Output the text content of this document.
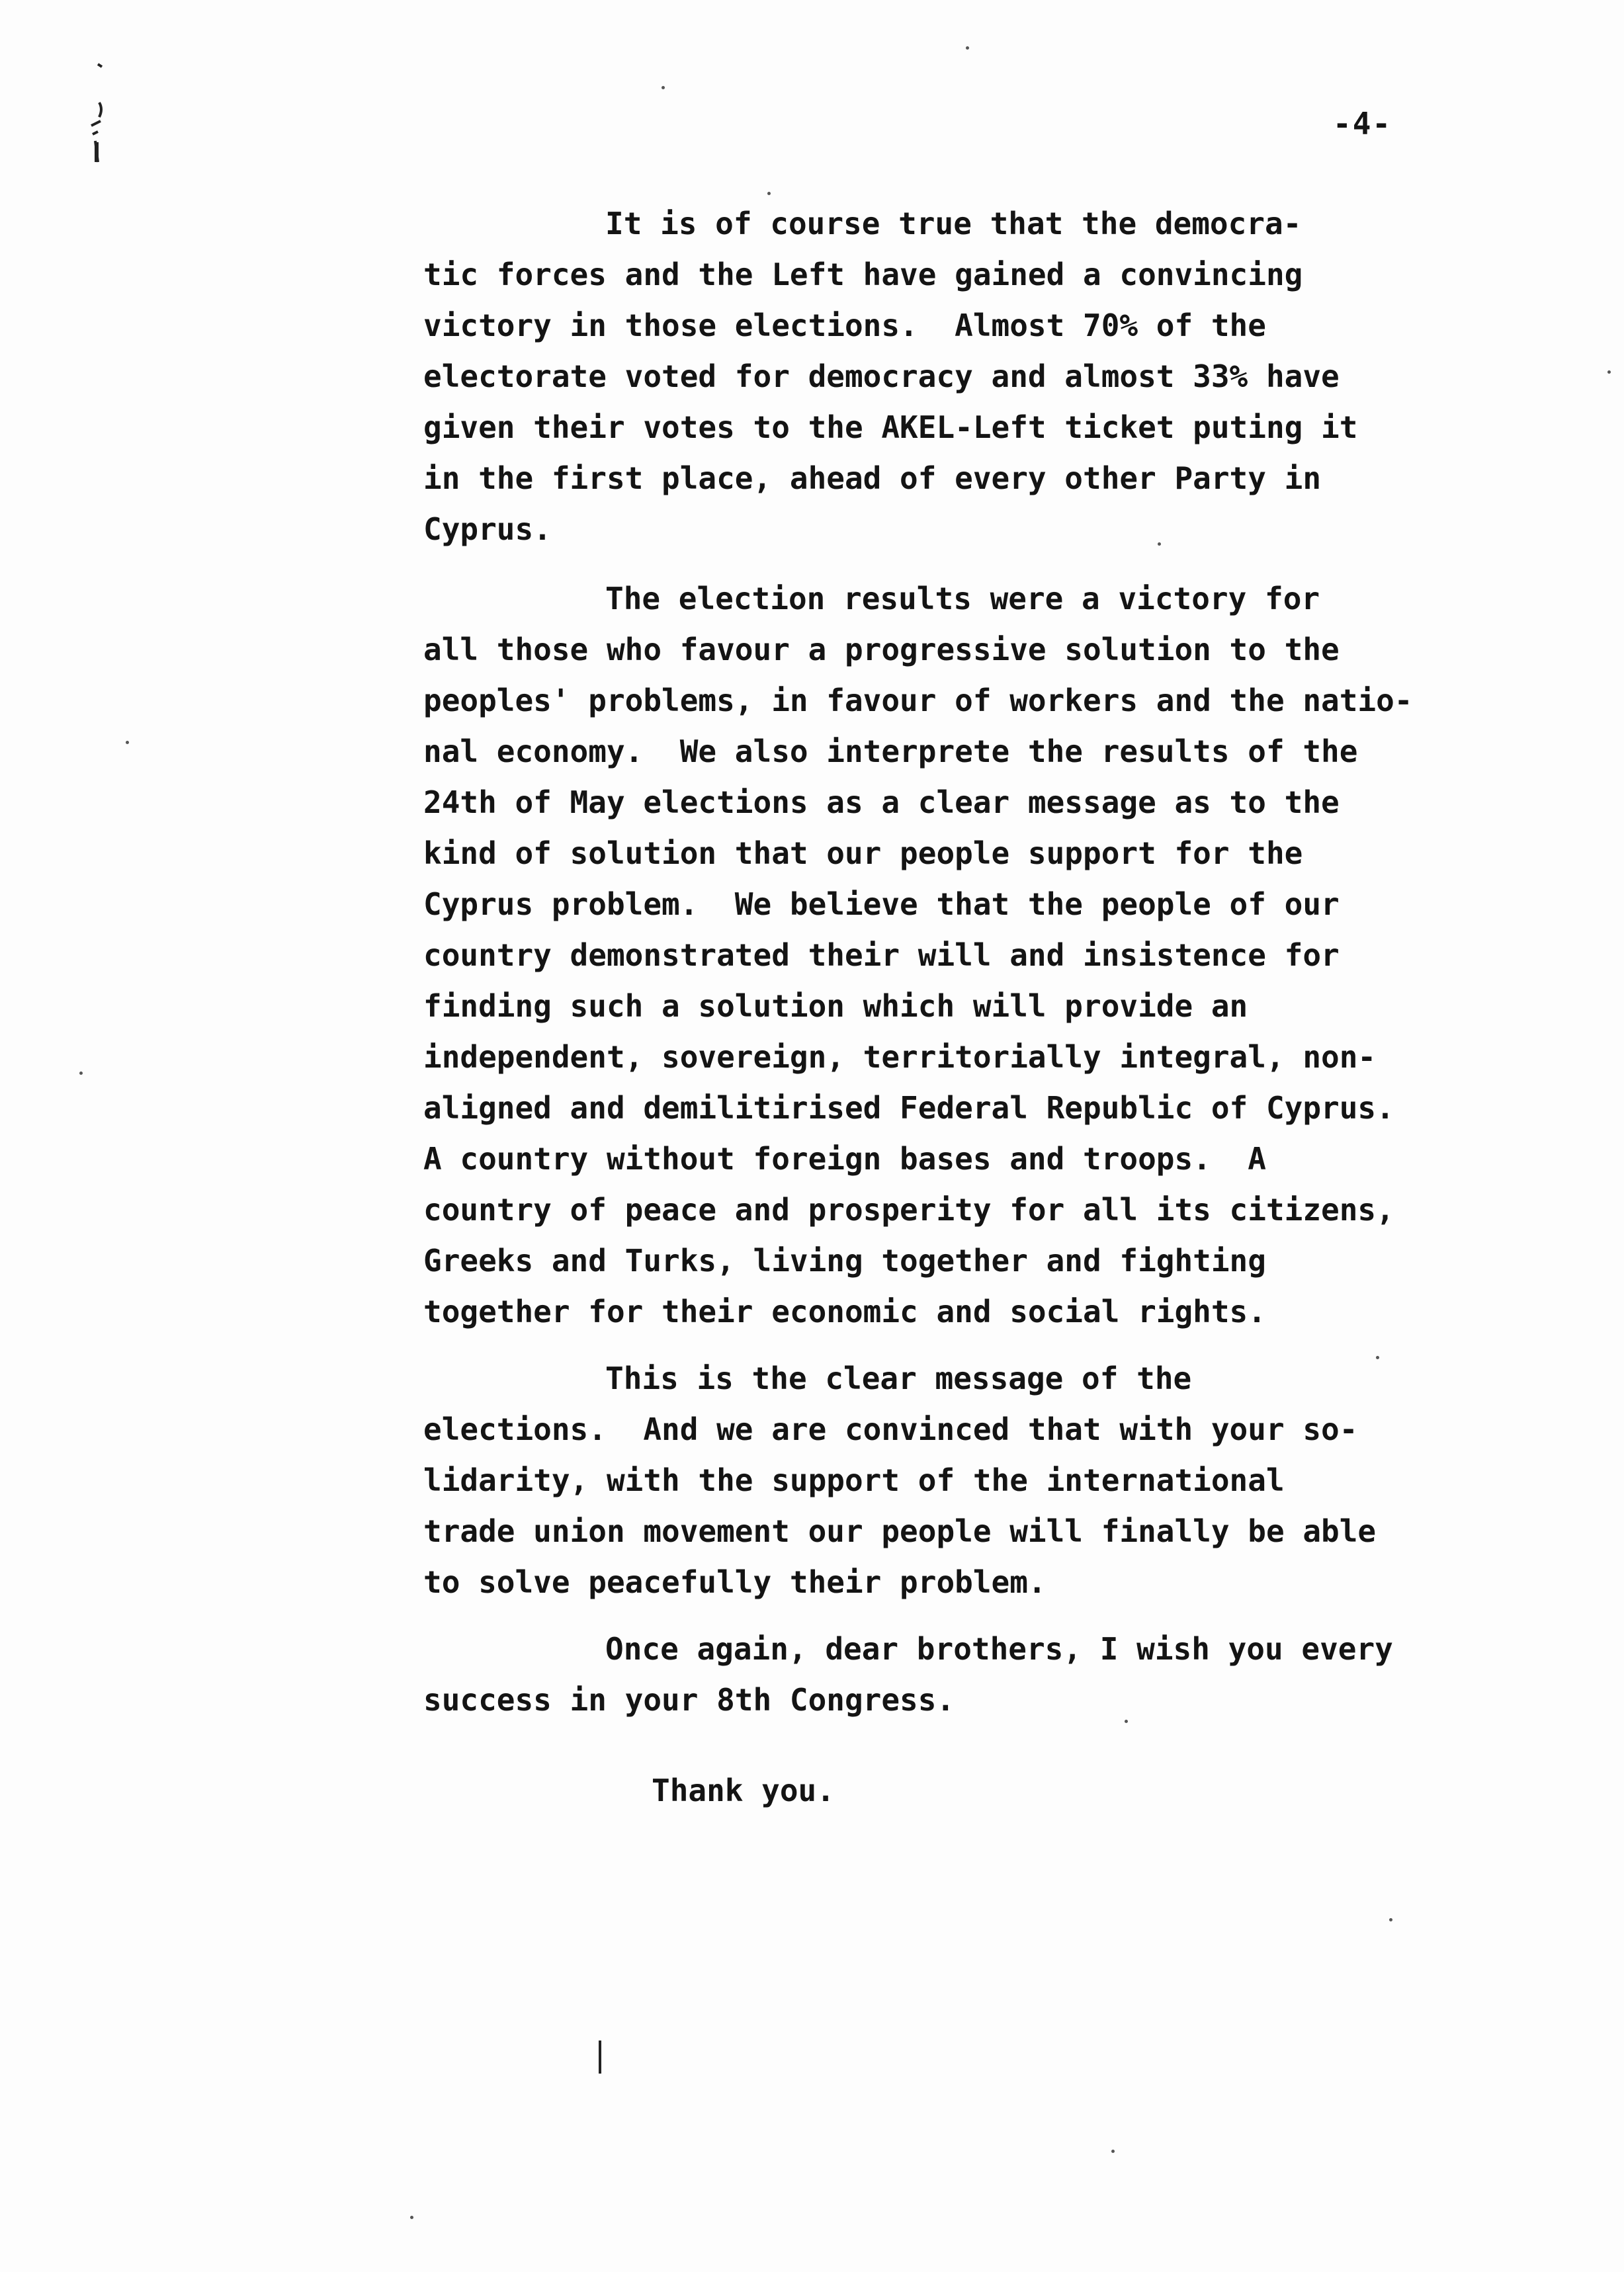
-4-
It is of course true that the democra-
tic forces and the Left have gained a convincing
victory in those elections.  Almost 70% of the
electorate voted for democracy and almost 33% have
given their votes to the AKEL-Left ticket puting it
in the first place, ahead of every other Party in
Cyprus.
The election results were a victory for
all those who favour a progressive solution to the
peoples' problems, in favour of workers and the natio-
nal economy.  We also interprete the results of the
24th of May elections as a clear message as to the
kind of solution that our people support for the
Cyprus problem.  We believe that the people of our
country demonstrated their will and insistence for
finding such a solution which will provide an
independent, sovereign, territorially integral, non-
aligned and demilitirised Federal Republic of Cyprus.
A country without foreign bases and troops.  A
country of peace and prosperity for all its citizens,
Greeks and Turks, living together and fighting
together for their economic and social rights.
This is the clear message of the
elections.  And we are convinced that with your so-
lidarity, with the support of the international
trade union movement our people will finally be able
to solve peacefully their problem.
Once again, dear brothers, I wish you every
success in your 8th Congress.
Thank you.
